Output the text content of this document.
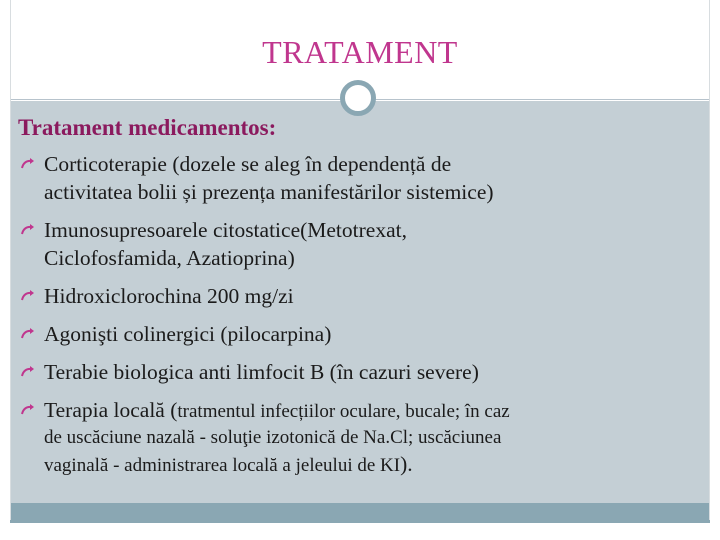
TRATAMENT
Tratament medicamentos:
Corticoterapie (dozele se aleg în dependență de
activitatea bolii și prezența manifestărilor sistemice)
Imunosupresoarele citostatice(Metotrexat,
Ciclofosfamida, Azatioprina)
Hidroxiclorochina 200 mg/zi
Agonişti colinergici (pilocarpina)
Terabie biologica anti limfocit B (în cazuri severe)
Terapia locală (tratmentul infecțiilor oculare, bucale; în caz
de uscăciune nazală - soluţie izotonică de Na.Cl; uscăciunea
vaginală - administrarea locală a jeleului de KI).
